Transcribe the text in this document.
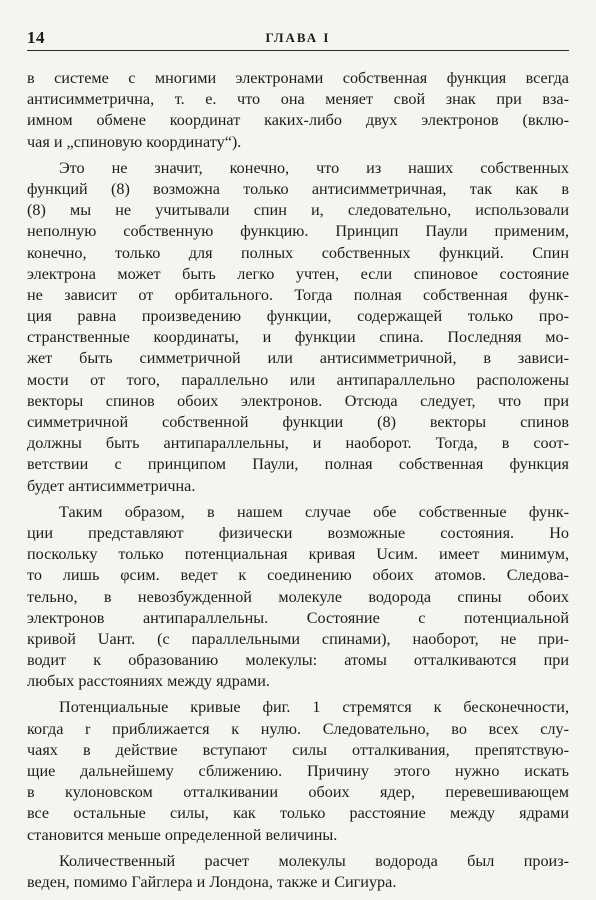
14	ГЛАВА I
в системе с многими электронами собственная функция всегда
антисимметрична, т. е. что она меняет свой знак при вза-
имном обмене координат каких-либо двух электронов (вклю-
чая и „спиновую координату“).
Это не значит, конечно, что из наших собственных
функций (8) возможна только антисимметричная, так как в
(8) мы не учитывали спин и, следовательно, использовали
неполную собственную функцию. Принцип Паули применим,
конечно, только для полных собственных функций. Спин
электрона может быть легко учтен, если спиновое состояние
не зависит от орбитального. Тогда полная собственная функ-
ция равна произведению функции, содержащей только про-
странственные координаты, и функции спина. Последняя мо-
жет быть симметричной или антисимметричной, в зависи-
мости от того, параллельно или антипараллельно расположены
векторы спинов обоих электронов. Отсюда следует, что при
симметричной собственной функции (8) векторы спинов
должны быть антипараллельны, и наоборот. Тогда, в соот-
ветствии с принципом Паули, полная собственная функция
будет антисимметрична.
Таким образом, в нашем случае обе собственные функ-
ции представляют физически возможные состояния. Но
поскольку только потенциальная кривая Uсим. имеет минимум,
то лишь φсим. ведет к соединению обоих атомов. Следова-
тельно, в невозбужденной молекуле водорода спины обоих
электронов антипараллельны. Состояние с потенциальной
кривой Uант. (с параллельными спинами), наоборот, не при-
водит к образованию молекулы: атомы отталкиваются при
любых расстояниях между ядрами.
Потенциальные кривые фиг. 1 стремятся к бесконечности,
когда r приближается к нулю. Следовательно, во всех слу-
чаях в действие вступают силы отталкивания, препятствую-
щие дальнейшему сближению. Причину этого нужно искать
в кулоновском отталкивании обоих ядер, перевешивающем
все остальные силы, как только расстояние между ядрами
становится меньше определенной величины.
Количественный расчет молекулы водорода был произ-
веден, помимо Гайглера и Лондона, также и Сигиура.
